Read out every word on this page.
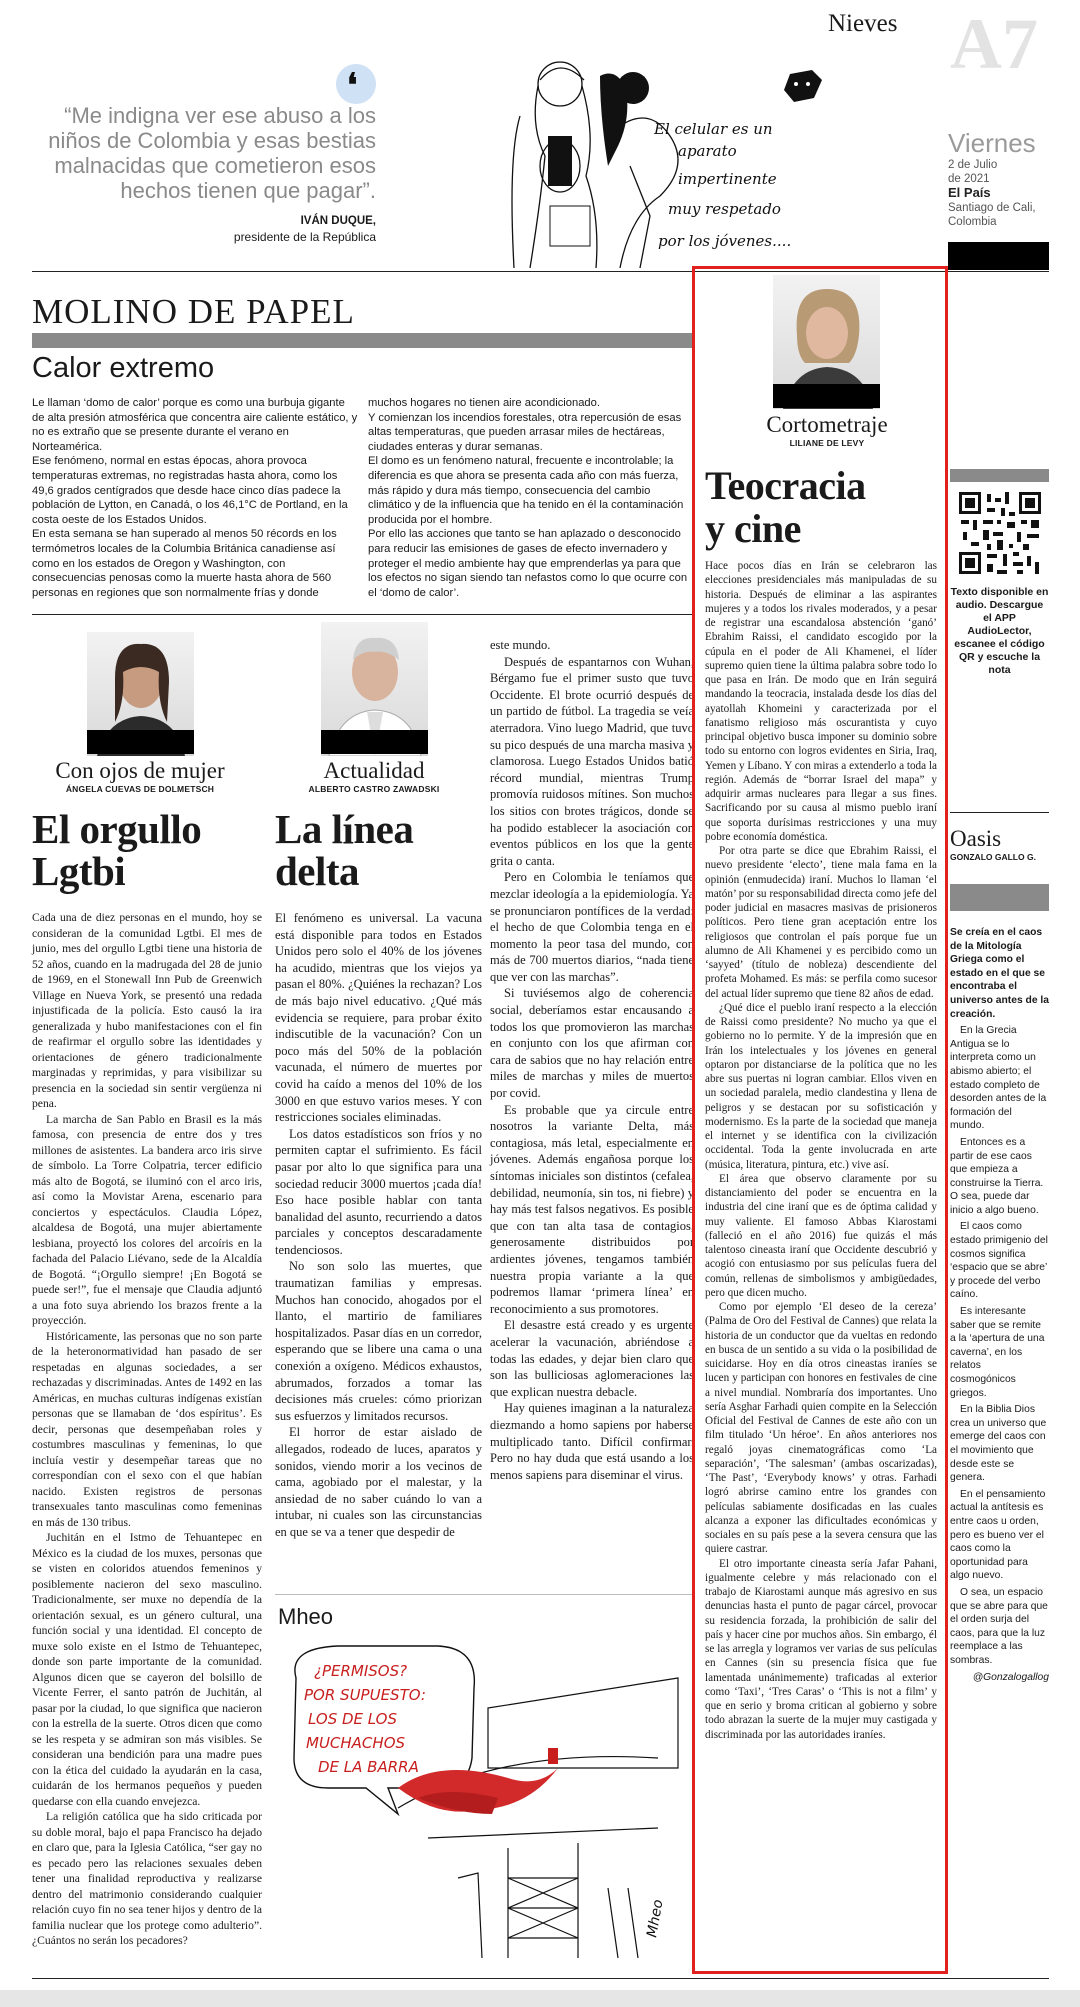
Nieves A7
Viernes
2 de Julio
de 2021
El País
Santiago de Cali,
Colombia
❛
“Me indigna ver ese abuso a los niños de Colombia y esas bestias malnacidas que cometieron esos hechos tienen que pagar”.
IVÁN DUQUE,
presidente de la República
El celular es un
aparato
impertinente
muy respetado
por los jóvenes....
MOLINO DE PAPEL
Calor extremo

Le llaman ‘domo de calor’ porque es como una burbuja gigante de alta presión atmosférica que concentra aire caliente estático, y no es extraño que se presente durante el verano en Norteamérica.

Ese fenómeno, normal en estas épocas, ahora provoca temperaturas extremas, no registradas hasta ahora, como los 49,6 grados centígrados que desde hace cinco días padece la población de Lytton, en Canadá, o los 46,1°C de Portland, en la costa oeste de los Estados Unidos.

En esta semana se han superado al menos 50 récords en los termómetros locales de la Columbia Británica canadiense así como en los estados de Oregon y Washington, con consecuencias penosas como la muerte hasta ahora de 560 personas en regiones que son normalmente frías y donde

muchos hogares no tienen aire acondicionado.

Y comienzan los incendios forestales, otra repercusión de esas altas temperaturas, que pueden arrasar miles de hectáreas, ciudades enteras y durar semanas.

El domo es un fenómeno natural, frecuente e incontrolable; la diferencia es que ahora se presenta cada año con más fuerza, más rápido y dura más tiempo, consecuencia del cambio climático y de la influencia que ha tenido en él la contaminación producida por el hombre.

Por ello las acciones que tanto se han aplazado o desconocido para reducir las emisiones de gases de efecto invernadero y proteger el medio ambiente hay que emprenderlas ya para que los efectos no sigan siendo tan nefastos como lo que ocurre con el ‘domo de calor’.

Con ojos de mujer
ÁNGELA CUEVAS DE DOLMETSCH
El orgullo
Lgtbi

Cada una de diez personas en el mundo, hoy se consideran de la comunidad Lgtbi. El mes de junio, mes del orgullo Lgtbi tiene una historia de 52 años, cuando en la madrugada del 28 de junio de 1969, en el Stonewall Inn Pub de Greenwich Village en Nueva York, se presentó una redada injustificada de la policía. Esto causó la ira generalizada y hubo manifestaciones con el fin de reafirmar el orgullo sobre las identidades y orientaciones de género tradicionalmente marginadas y reprimidas, y para visibilizar su presencia en la sociedad sin sentir vergüenza ni pena.

La marcha de San Pablo en Brasil es la más famosa, con presencia de entre dos y tres millones de asistentes. La bandera arco iris sirve de símbolo. La Torre Colpatria, tercer edificio más alto de Bogotá, se iluminó con el arco iris, así como la Movistar Arena, escenario para conciertos y espectáculos. Claudia López, alcaldesa de Bogotá, una mujer abiertamente lesbiana, proyectó los colores del arcoíris en la fachada del Palacio Liévano, sede de la Alcaldía de Bogotá. “¡Orgullo siempre! ¡En Bogotá se puede ser!”, fue el mensaje que Claudia adjuntó a una foto suya abriendo los brazos frente a la proyección.

Históricamente, las personas que no son parte de la heteronormatividad han pasado de ser respetadas en algunas sociedades, a ser rechazadas y discriminadas. Antes de 1492 en las Américas, en muchas culturas indígenas existían personas que se llamaban de ‘dos espíritus’. Es decir, personas que desempeñaban roles y costumbres masculinas y femeninas, lo que incluía vestir y desempeñar tareas que no correspondían con el sexo con el que habían nacido. Existen registros de personas transexuales tanto masculinas como femeninas en más de 130 tribus.

Juchitán en el Istmo de Tehuantepec en México es la ciudad de los muxes, personas que se visten en coloridos atuendos femeninos y posiblemente nacieron del sexo masculino. Tradicionalmente, ser muxe no dependía de la orientación sexual, es un género cultural, una función social y una identidad. El concepto de muxe solo existe en el Istmo de Tehuantepec, donde son parte importante de la comunidad. Algunos dicen que se cayeron del bolsillo de Vicente Ferrer, el santo patrón de Juchitán, al pasar por la ciudad, lo que significa que nacieron con la estrella de la suerte. Otros dicen que como se les respeta y se admiran son más visibles. Se consideran una bendición para una madre pues con la ética del cuidado la ayudarán en la casa, cuidarán de los hermanos pequeños y pueden quedarse con ella cuando envejezca.

La religión católica que ha sido criticada por su doble moral, bajo el papa Francisco ha dejado en claro que, para la Iglesia Católica, “ser gay no es pecado pero las relaciones sexuales deben tener una finalidad reproductiva y realizarse dentro del matrimonio considerando cualquier relación cuyo fin no sea tener hijos y dentro de la familia nuclear que los protege como adulterio”. ¿Cuántos no serán los pecadores?

Actualidad
ALBERTO CASTRO ZAWADSKI
La línea
delta

El fenómeno es universal. La vacuna está disponible para todos en Estados Unidos pero solo el 40% de los jóvenes ha acudido, mientras que los viejos ya pasan el 80%. ¿Quiénes la rechazan? Los de más bajo nivel educativo. ¿Qué más evidencia se requiere, para probar éxito indiscutible de la vacunación? Con un poco más del 50% de la población vacunada, el número de muertes por covid ha caído a menos del 10% de los 3000 en que estuvo varios meses. Y con restricciones sociales eliminadas.

Los datos estadísticos son fríos y no permiten captar el sufrimiento. Es fácil pasar por alto lo que significa para una sociedad reducir 3000 muertos ¡cada día! Eso hace posible hablar con tanta banalidad del asunto, recurriendo a datos parciales y conceptos descaradamente tendenciosos.

No son solo las muertes, que traumatizan familias y empresas. Muchos han conocido, ahogados por el llanto, el martirio de familiares hospitalizados. Pasar días en un corredor, esperando que se libere una cama o una conexión a oxígeno. Médicos exhaustos, abrumados, forzados a tomar las decisiones más crueles: cómo priorizan sus esfuerzos y limitados recursos.

El horror de estar aislado de allegados, rodeado de luces, aparatos y sonidos, viendo morir a los vecinos de cama, agobiado por el malestar, y la ansiedad de no saber cuándo lo van a intubar, ni cuales son las circunstancias en que se va a tener que despedir de

este mundo.

Después de espantarnos con Wuhan, Bérgamo fue el primer susto que tuvo Occidente. El brote ocurrió después de un partido de fútbol. La tragedia se veía aterradora. Vino luego Madrid, que tuvo su pico después de una marcha masiva y clamorosa. Luego Estados Unidos batió récord mundial, mientras Trump promovía ruidosos mítines. Son muchos los sitios con brotes trágicos, donde se ha podido establecer la asociación con eventos públicos en los que la gente grita o canta.

Pero en Colombia le teníamos que mezclar ideología a la epidemiología. Ya se pronunciaron pontífices de la verdad: el hecho de que Colombia tenga en el momento la peor tasa del mundo, con más de 700 muertos diarios, “nada tiene que ver con las marchas”.

Si tuviésemos algo de coherencia social, deberíamos estar encausando a todos los que promovieron las marchas en conjunto con los que afirman con cara de sabios que no hay relación entre miles de marchas y miles de muertos por covid.

Es probable que ya circule entre nosotros la variante Delta, más contagiosa, más letal, especialmente en jóvenes. Además engañosa porque los síntomas iniciales son distintos (cefalea, debilidad, neumonía, sin tos, ni fiebre) y hay más test falsos negativos. Es posible que con tan alta tasa de contagios, generosamente distribuidos por ardientes jóvenes, tengamos también nuestra propia variante a la que podremos llamar ‘primera línea’ en reconocimiento a sus promotores.

El desastre está creado y es urgente acelerar la vacunación, abriéndose a todas las edades, y dejar bien claro que son las bulliciosas aglomeraciones las que explican nuestra debacle.

Hay quienes imaginan a la naturaleza diezmando a homo sapiens por haberse multiplicado tanto. Difícil confirmar. Pero no hay duda que está usando a los menos sapiens para diseminar el virus.

Mheo
¿PERMISOS?
POR SUPUESTO:
LOS DE LOS
MUCHACHOS
DE LA BARRA
Mheo
Cortometraje
LILIANE DE LEVY
Teocracia
y cine

Hace pocos días en Irán se celebraron las elecciones presidenciales más manipuladas de su historia. Después de eliminar a las aspirantes mujeres y a todos los rivales moderados, y a pesar de registrar una escandalosa abstención ‘ganó’ Ebrahim Raissi, el candidato escogido por la cúpula en el poder de Ali Khamenei, el líder supremo quien tiene la última palabra sobre todo lo que pasa en Irán. De modo que en Irán seguirá mandando la teocracia, instalada desde los días del ayatollah Khomeini y caracterizada por el fanatismo religioso más oscurantista y cuyo principal objetivo busca imponer su dominio sobre todo su entorno con logros evidentes en Siria, Iraq, Yemen y Líbano. Y con miras a extenderlo a toda la región. Además de “borrar Israel del mapa” y adquirir armas nucleares para llegar a sus fines. Sacrificando por su causa al mismo pueblo iraní que soporta durísimas restricciones y una muy pobre economía doméstica.

Por otra parte se dice que Ebrahim Raissi, el nuevo presidente ‘electo’, tiene mala fama en la opinión (enmudecida) iraní. Muchos lo llaman ‘el matón’ por su responsabilidad directa como jefe del poder judicial en masacres masivas de prisioneros políticos. Pero tiene gran aceptación entre los religiosos que controlan el país porque fue un alumno de Ali Khamenei y es percibido como un ‘sayyed’ (título de nobleza) descendiente del profeta Mohamed. Es más: se perfila como sucesor del actual líder supremo que tiene 82 años de edad.

¿Qué dice el pueblo iraní respecto a la elección de Raissi como presidente? No mucho ya que el gobierno no lo permite. Y de la impresión que en Irán los intelectuales y los jóvenes en general optaron por distanciarse de la política que no les abre sus puertas ni logran cambiar. Ellos viven en un sociedad paralela, medio clandestina y llena de peligros y se destacan por su sofisticación y modernismo. Es la parte de la sociedad que maneja el internet y se identifica con la civilización occidental. Toda la gente involucrada en arte (música, literatura, pintura, etc.) vive así.

El área que observo claramente por su distanciamiento del poder se encuentra en la industria del cine iraní que es de óptima calidad y muy valiente. El famoso Abbas Kiarostami (falleció en el año 2016) fue quizás el más talentoso cineasta iraní que Occidente descubrió y acogió con entusiasmo por sus películas fuera del común, rellenas de simbolismos y ambigüedades, pero que dicen mucho.

Como por ejemplo ‘El deseo de la cereza’ (Palma de Oro del Festival de Cannes) que relata la historia de un conductor que da vueltas en redondo en busca de un sentido a su vida o la posibilidad de suicidarse. Hoy en día otros cineastas iraníes se lucen y participan con honores en festivales de cine a nivel mundial. Nombraría dos importantes. Uno sería Asghar Farhadi quien compite en la Selección Oficial del Festival de Cannes de este año con un film titulado ‘Un héroe’. En años anteriores nos regaló joyas cinematográficas como ‘La separación’, ‘The salesman’ (ambas oscarizadas), ‘The Past’, ‘Everybody knows’ y otras. Farhadi logró abrirse camino entre los grandes con películas sabiamente dosificadas en las cuales alcanza a exponer las dificultades económicas y sociales en su país pese a la severa censura que las quiere castrar.

El otro importante cineasta sería Jafar Pahani, igualmente celebre y más relacionado con el trabajo de Kiarostami aunque más agresivo en sus denuncias hasta el punto de pagar cárcel, provocar su residencia forzada, la prohibición de salir del país y hacer cine por muchos años. Sin embargo, él se las arregla y logramos ver varias de sus películas en Cannes (sin su presencia física que fue lamentada unánimemente) traficadas al exterior como ‘Taxi’, ‘Tres Caras’ o ‘This is not a film’ y que en serio y broma critican al gobierno y sobre todo abrazan la suerte de la mujer muy castigada y discriminada por las autoridades iraníes.

Texto disponible en audio. Descargue el APP AudioLector, escanee el código QR y escuche la nota
Oasis
GONZALO GALLO G.
Se creía en el caos de la Mitología Griega como el estado en el que se encontraba el universo antes de la creación.

En la Grecia Antigua se lo interpreta como un abismo abierto; el estado completo de desorden antes de la formación del mundo.

Entonces es a partir de ese caos que empieza a construirse la Tierra. O sea, puede dar inicio a algo bueno.

El caos como estado primigenio del cosmos significa ‘espacio que se abre’ y procede del verbo caíno.

Es interesante saber que se remite a la ‘apertura de una caverna’, en los relatos cosmogónicos griegos.

En la Biblia Dios crea un universo que emerge del caos con el movimiento que desde este se genera.

En el pensamiento actual la antítesis es entre caos u orden, pero es bueno ver el caos como la oportunidad para algo nuevo.

O sea, un espacio que se abre para que el orden surja del caos, para que la luz reemplace a las sombras.

@Gonzalogallog
